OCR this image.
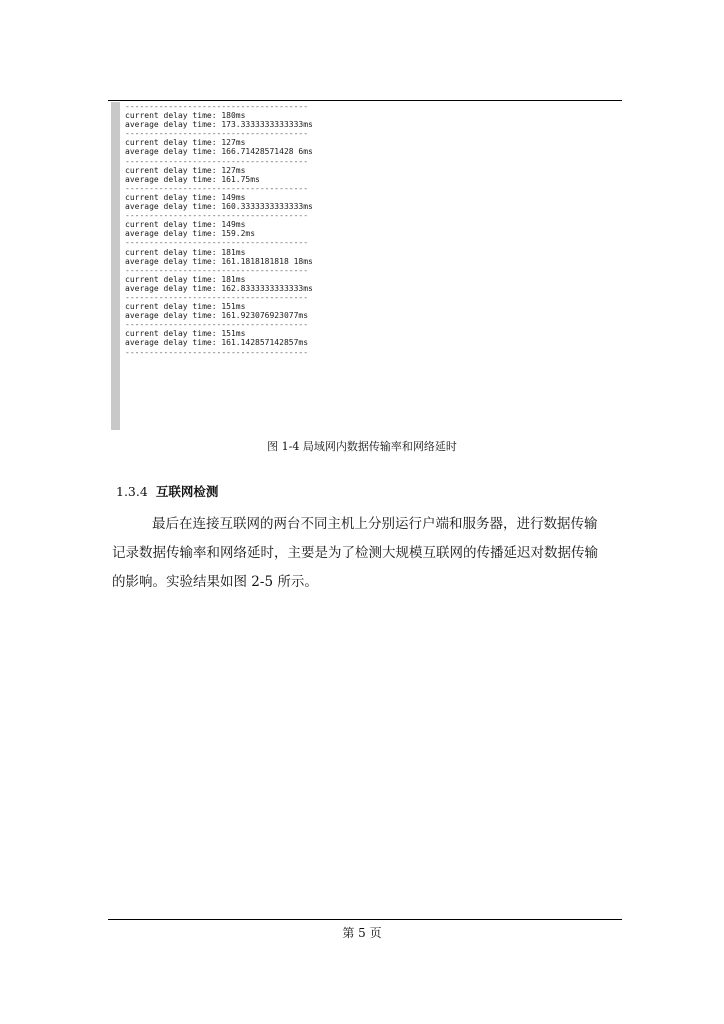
--------------------------------------
current delay time: 180ms
average delay time: 173.3333333333333ms
--------------------------------------
current delay time: 127ms
average delay time: 166.71428571428 6ms
--------------------------------------
current delay time: 127ms
average delay time: 161.75ms
--------------------------------------
current delay time: 149ms
average delay time: 160.3333333333333ms
--------------------------------------
current delay time: 149ms
average delay time: 159.2ms
--------------------------------------
current delay time: 181ms
average delay time: 161.1818181818 18ms
--------------------------------------
current delay time: 181ms
average delay time: 162.8333333333333ms
--------------------------------------
current delay time: 151ms
average delay time: 161.923076923077ms
--------------------------------------
current delay time: 151ms
average delay time: 161.142857142857ms
--------------------------------------
图 1-4 局域网内数据传输率和网络延时
1.3.4 互联网检测
最后在连接互联网的两台不同主机上分别运行户端和服务器，进行数据传输
记录数据传输率和网络延时，主要是为了检测大规模互联网的传播延迟对数据传输
的影响。实验结果如图 2-5 所示。
第 5 页
